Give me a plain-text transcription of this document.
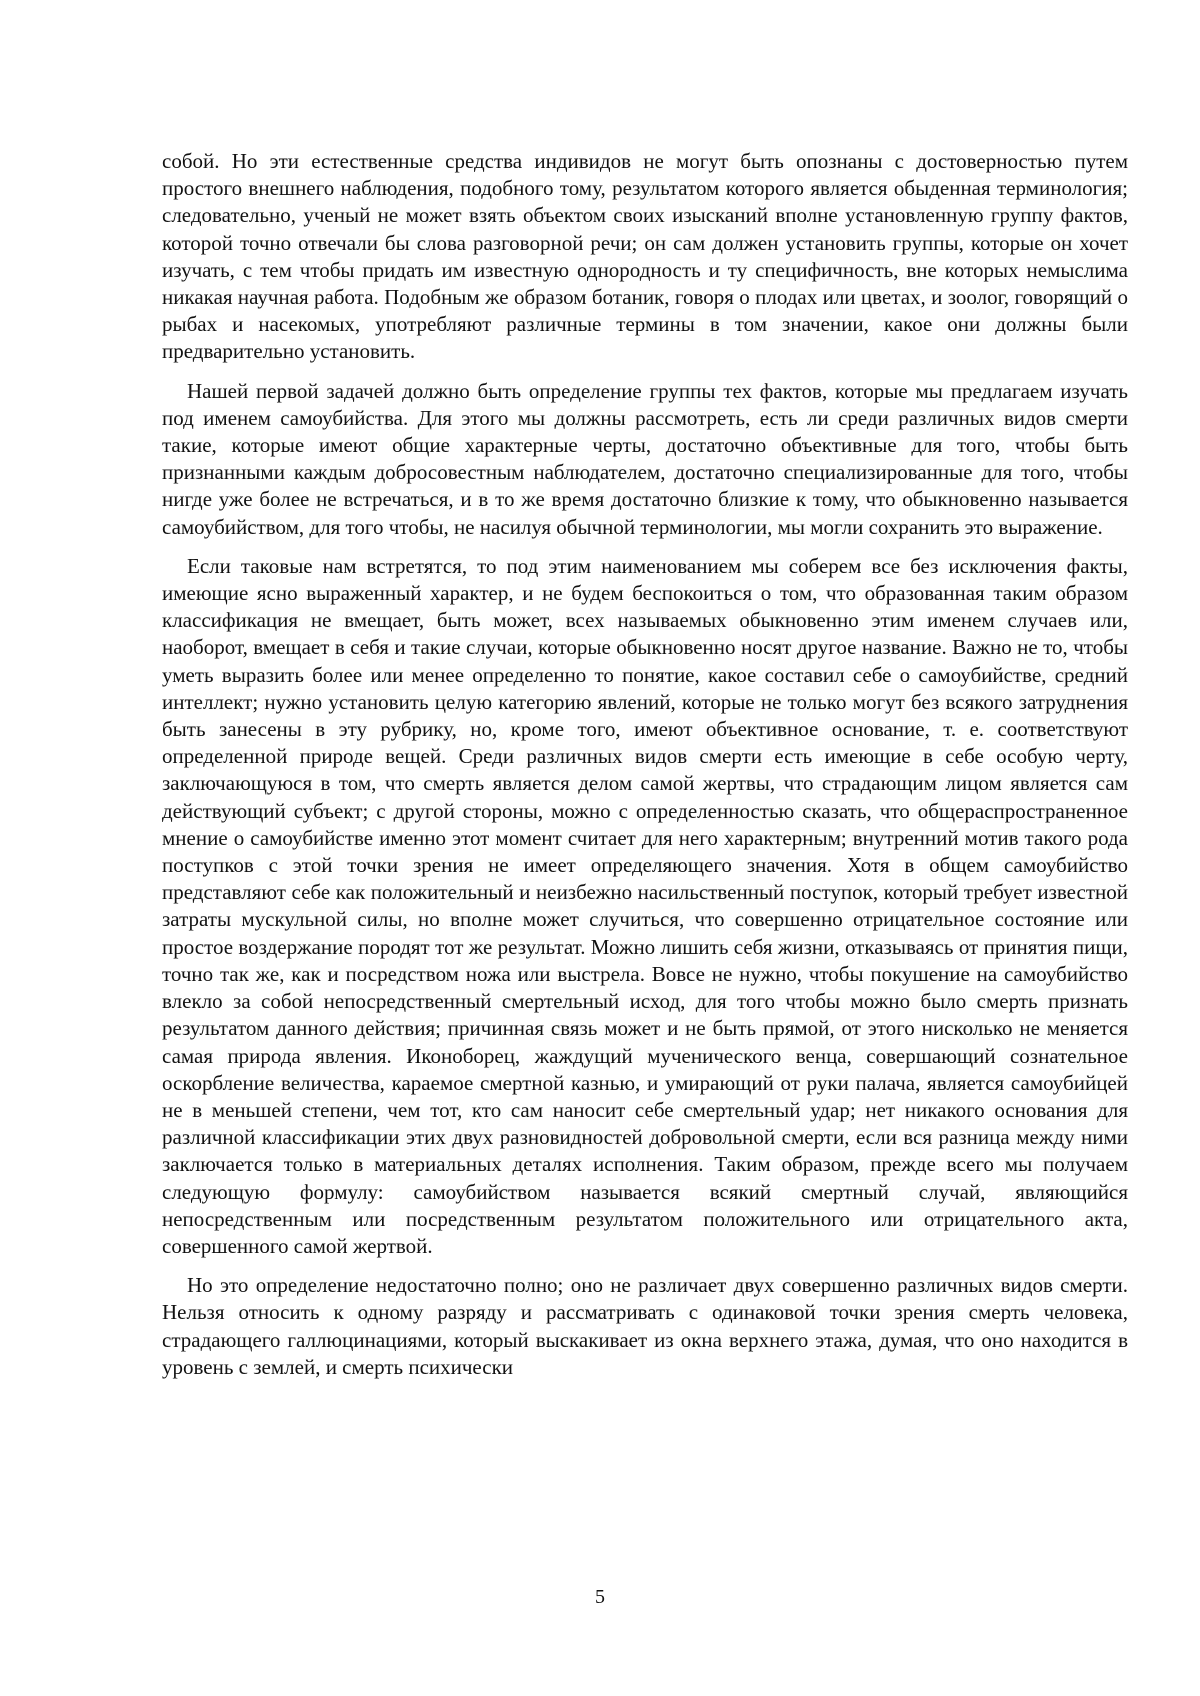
собой. Но эти естественные средства индивидов не могут быть опознаны с достоверностью путем простого внешнего наблюдения, подобного тому, результатом которого является обыденная терминология; следовательно, ученый не может взять объектом своих изысканий вполне установленную группу фактов, которой точно отвечали бы слова разговорной речи; он сам должен установить группы, которые он хочет изучать, с тем чтобы придать им известную однородность и ту специфичность, вне которых немыслима никакая научная работа. Подобным же образом ботаник, говоря о плодах или цветах, и зоолог, говорящий о рыбах и насекомых, употребляют различные термины в том значении, какое они должны были предварительно установить.

Нашей первой задачей должно быть определение группы тех фактов, которые мы предлагаем изучать под именем самоубийства. Для этого мы должны рассмотреть, есть ли среди различных видов смерти такие, которые имеют общие характерные черты, достаточно объективные для того, чтобы быть признанными каждым добросовестным наблюдателем, достаточно специализированные для того, чтобы нигде уже более не встречаться, и в то же время достаточно близкие к тому, что обыкновенно называется самоубийством, для того чтобы, не насилуя обычной терминологии, мы могли сохранить это выражение.

Если таковые нам встретятся, то под этим наименованием мы соберем все без исключения факты, имеющие ясно выраженный характер, и не будем беспокоиться о том, что образованная таким образом классификация не вмещает, быть может, всех называемых обыкновенно этим именем случаев или, наоборот, вмещает в себя и такие случаи, которые обыкновенно носят другое название. Важно не то, чтобы уметь выразить более или менее определенно то понятие, какое составил себе о самоубийстве, средний интеллект; нужно установить целую категорию явлений, которые не только могут без всякого затруднения быть занесены в эту рубрику, но, кроме того, имеют объективное основание, т. е. соответствуют определенной природе вещей. Среди различных видов смерти есть имеющие в себе особую черту, заключающуюся в том, что смерть является делом самой жертвы, что страдающим лицом является сам действующий субъект; с другой стороны, можно с определенностью сказать, что общераспространенное мнение о самоубийстве именно этот момент считает для него характерным; внутренний мотив такого рода поступков с этой точки зрения не имеет определяющего значения. Хотя в общем самоубийство представляют себе как положительный и неизбежно насильственный поступок, который требует известной затраты мускульной силы, но вполне может случиться, что совершенно отрицательное состояние или простое воздержание породят тот же результат. Можно лишить себя жизни, отказываясь от принятия пищи, точно так же, как и посредством ножа или выстрела. Вовсе не нужно, чтобы покушение на самоубийство влекло за собой непосредственный смертельный исход, для того чтобы можно было смерть признать результатом данного действия; причинная связь может и не быть прямой, от этого нисколько не меняется самая природа явления. Иконоборец, жаждущий мученического венца, совершающий сознательное оскорбление величества, караемое смертной казнью, и умирающий от руки палача, является самоубийцей не в меньшей степени, чем тот, кто сам наносит себе смертельный удар; нет никакого основания для различной классификации этих двух разновидностей добровольной смерти, если вся разница между ними заключается только в материальных деталях исполнения. Таким образом, прежде всего мы получаем следующую формулу: самоубийством называется всякий смертный случай, являющийся непосредственным или посредственным результатом положительного или отрицательного акта, совершенного самой жертвой.

Но это определение недостаточно полно; оно не различает двух совершенно различных видов смерти. Нельзя относить к одному разряду и рассматривать с одинаковой точки зрения смерть человека, страдающего галлюцинациями, который выскакивает из окна верхнего этажа, думая, что оно находится в уровень с землей, и смерть психически

5
